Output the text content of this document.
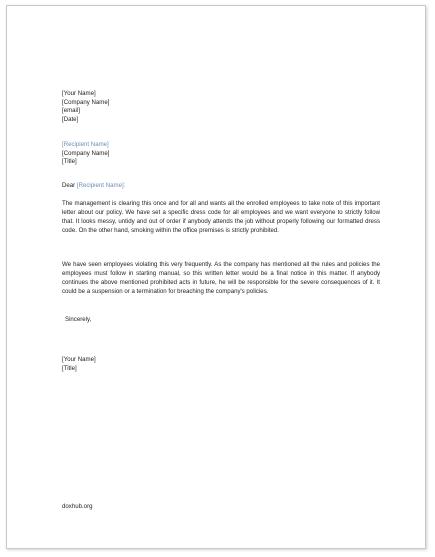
[Your Name]
[Company Name]
[email]
[Date]
[Recipient Name]
[Company Name]
[Title]
Dear [Recipient Name]:
The management is clearing this once and for all and wants all the enrolled employees to take note of this important letter about our policy. We have set a specific dress code for all employees and we want everyone to strictly follow that. It looks messy, untidy and out of order if anybody attends the job without properly following our formatted dress code. On the other hand, smoking within the office premises is strictly prohibited.
We have seen employees violating this very frequently. As the company has mentioned all the rules and policies the employees must follow in starting manual, so this written letter would be a final notice in this matter. If anybody continues the above mentioned prohibited acts in future, he will be responsible for the severe consequences of it. It could be a suspension or a termination for breaching the company's policies.
Sincerely,
[Your Name]
[Title]
doxhub.org
